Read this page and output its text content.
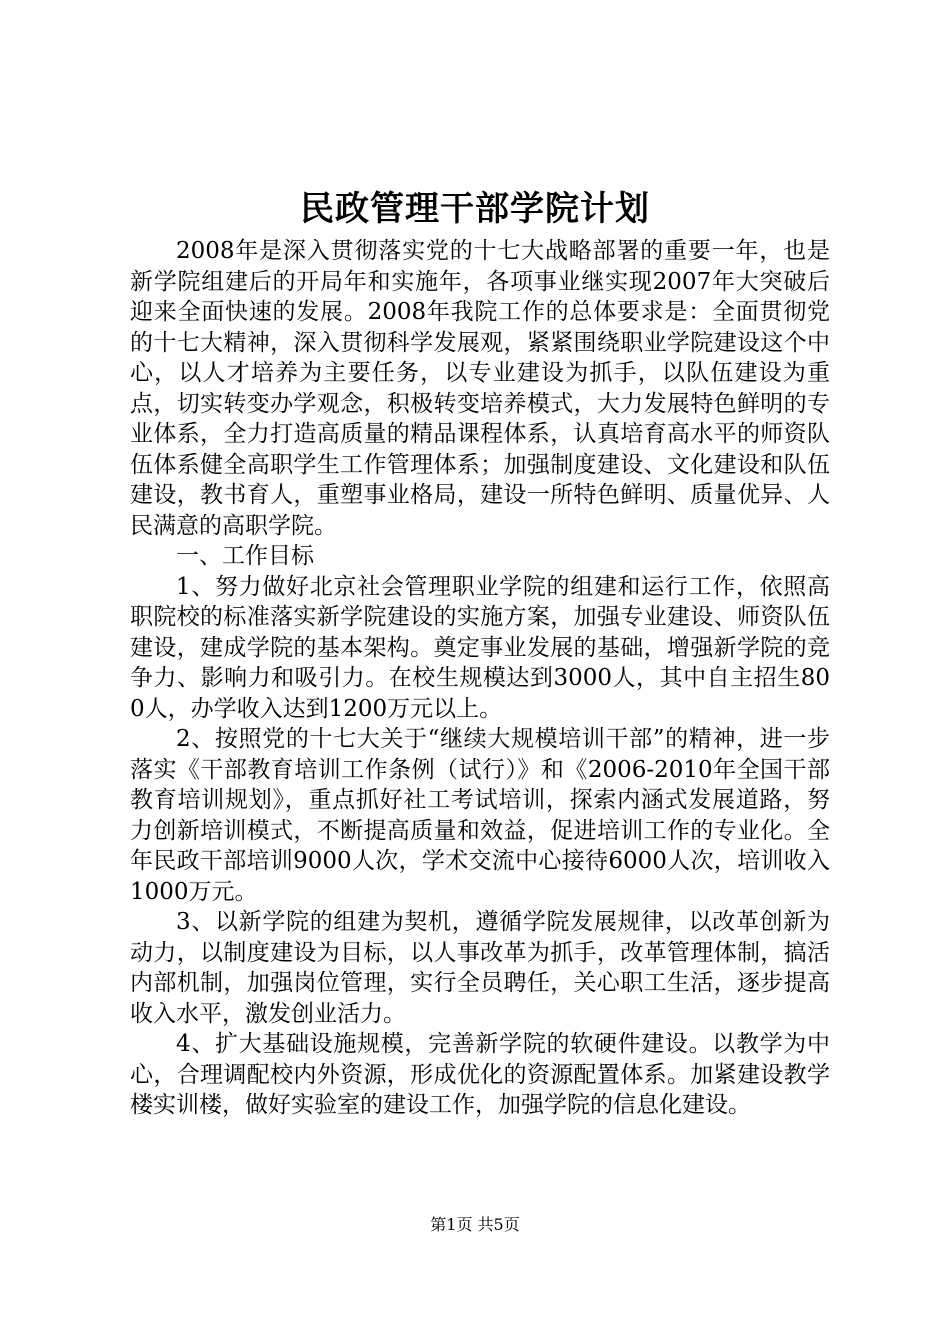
民政管理干部学院计划

2008年是深入贯彻落实党的十七大战略部署的重要一年，也是新学院组建后的开局年和实施年，各项事业继实现2007年大突破后迎来全面快速的发展。2008年我院工作的总体要求是：全面贯彻党的十七大精神，深入贯彻科学发展观，紧紧围绕职业学院建设这个中心，以人才培养为主要任务，以专业建设为抓手，以队伍建设为重点，切实转变办学观念，积极转变培养模式，大力发展特色鲜明的专业体系，全力打造高质量的精品课程体系，认真培育高水平的师资队伍体系健全高职学生工作管理体系；加强制度建设、文化建设和队伍建设，教书育人，重塑事业格局，建设一所特色鲜明、质量优异、人民满意的高职学院。

一、工作目标

1、努力做好北京社会管理职业学院的组建和运行工作，依照高职院校的标准落实新学院建设的实施方案，加强专业建设、师资队伍建设，建成学院的基本架构。奠定事业发展的基础，增强新学院的竞争力、影响力和吸引力。在校生规模达到3000人，其中自主招生800人，办学收入达到1200万元以上。

2、按照党的十七大关于“继续大规模培训干部”的精神，进一步落实《干部教育培训工作条例（试行）》和《2006-2010年全国干部教育培训规划》，重点抓好社工考试培训，探索内涵式发展道路，努力创新培训模式，不断提高质量和效益，促进培训工作的专业化。全年民政干部培训9000人次，学术交流中心接待6000人次，培训收入1000万元。

3、以新学院的组建为契机，遵循学院发展规律，以改革创新为动力，以制度建设为目标，以人事改革为抓手，改革管理体制，搞活内部机制，加强岗位管理，实行全员聘任，关心职工生活，逐步提高收入水平，激发创业活力。

4、扩大基础设施规模，完善新学院的软硬件建设。以教学为中心，合理调配校内外资源，形成优化的资源配置体系。加紧建设教学楼实训楼，做好实验室的建设工作，加强学院的信息化建设。

第1页 共5页
